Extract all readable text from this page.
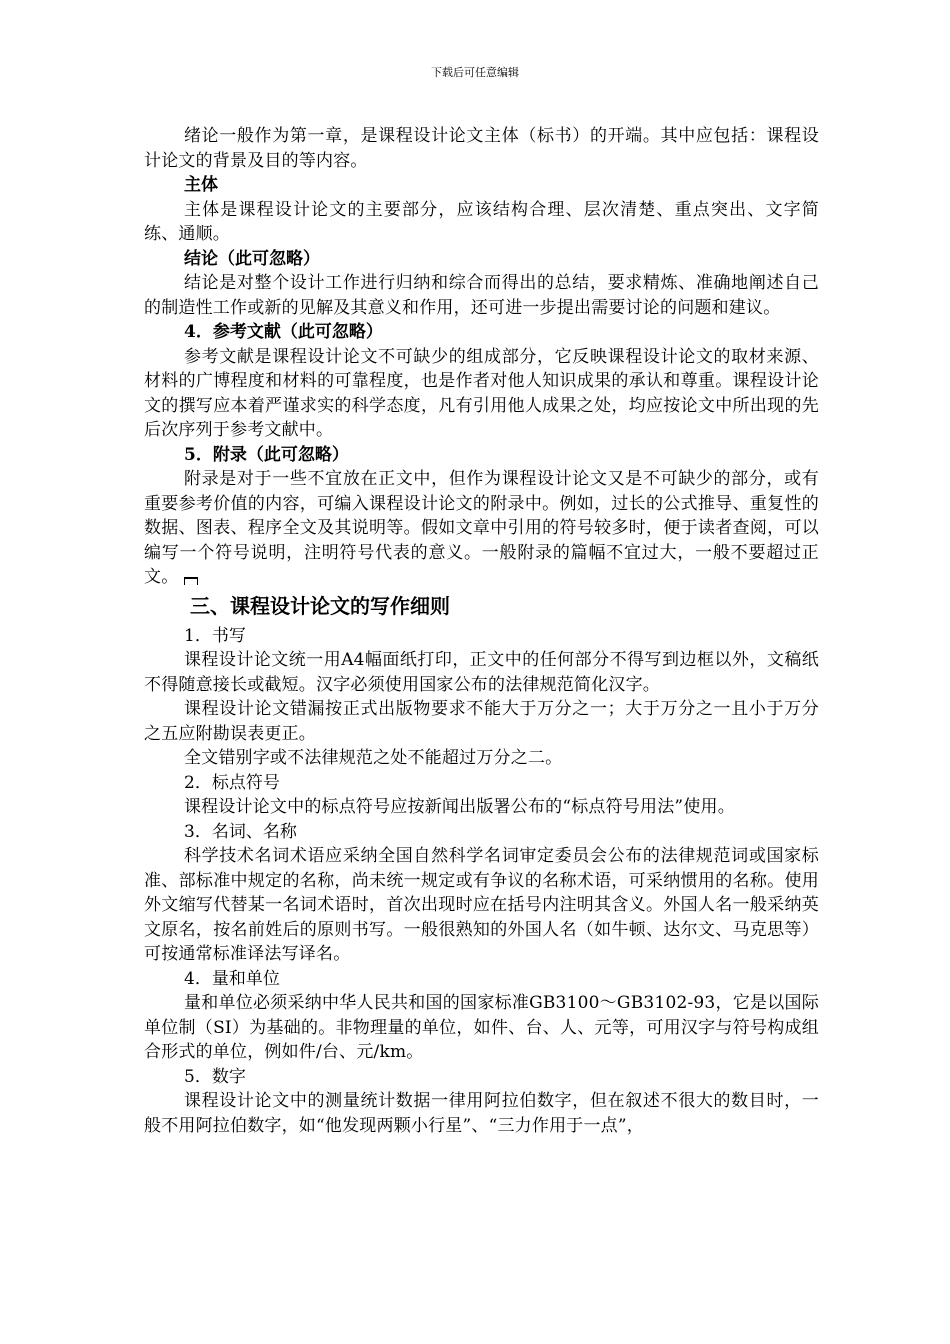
下载后可任意编辑

绪论一般作为第一章，是课程设计论文主体（标书）的开端。其中应包括：课程设计论文的背景及目的等内容。

主体

主体是课程设计论文的主要部分，应该结构合理、层次清楚、重点突出、文字简练、通顺。

结论（此可忽略）

结论是对整个设计工作进行归纳和综合而得出的总结，要求精炼、准确地阐述自己的制造性工作或新的见解及其意义和作用，还可进一步提出需要讨论的问题和建议。

4．参考文献（此可忽略）

参考文献是课程设计论文不可缺少的组成部分，它反映课程设计论文的取材来源、材料的广博程度和材料的可靠程度，也是作者对他人知识成果的承认和尊重。课程设计论文的撰写应本着严谨求实的科学态度，凡有引用他人成果之处，均应按论文中所出现的先后次序列于参考文献中。

5．附录（此可忽略）

附录是对于一些不宜放在正文中，但作为课程设计论文又是不可缺少的部分，或有重要参考价值的内容，可编入课程设计论文的附录中。例如，过长的公式推导、重复性的数据、图表、程序全文及其说明等。假如文章中引用的符号较多时，便于读者查阅，可以编写一个符号说明，注明符号代表的意义。一般附录的篇幅不宜过大，一般不要超过正文。

三、课程设计论文的写作细则

1．书写

课程设计论文统一用A4幅面纸打印，正文中的任何部分不得写到边框以外，文稿纸不得随意接长或截短。汉字必须使用国家公布的法律规范简化汉字。

课程设计论文错漏按正式出版物要求不能大于万分之一；大于万分之一且小于万分之五应附勘误表更正。

全文错别字或不法律规范之处不能超过万分之二。

2．标点符号

课程设计论文中的标点符号应按新闻出版署公布的“标点符号用法”使用。

3．名词、名称

科学技术名词术语应采纳全国自然科学名词审定委员会公布的法律规范词或国家标准、部标准中规定的名称，尚未统一规定或有争议的名称术语，可采纳惯用的名称。使用外文缩写代替某一名词术语时，首次出现时应在括号内注明其含义。外国人名一般采纳英文原名，按名前姓后的原则书写。一般很熟知的外国人名（如牛顿、达尔文、马克思等）可按通常标准译法写译名。

4．量和单位

量和单位必须采纳中华人民共和国的国家标准GB3100～GB3102-93，它是以国际单位制（SI）为基础的。非物理量的单位，如件、台、人、元等，可用汉字与符号构成组合形式的单位，例如件/台、元/km。

5．数字

课程设计论文中的测量统计数据一律用阿拉伯数字，但在叙述不很大的数目时，一般不用阿拉伯数字，如“他发现两颗小行星”、“三力作用于一点”，
